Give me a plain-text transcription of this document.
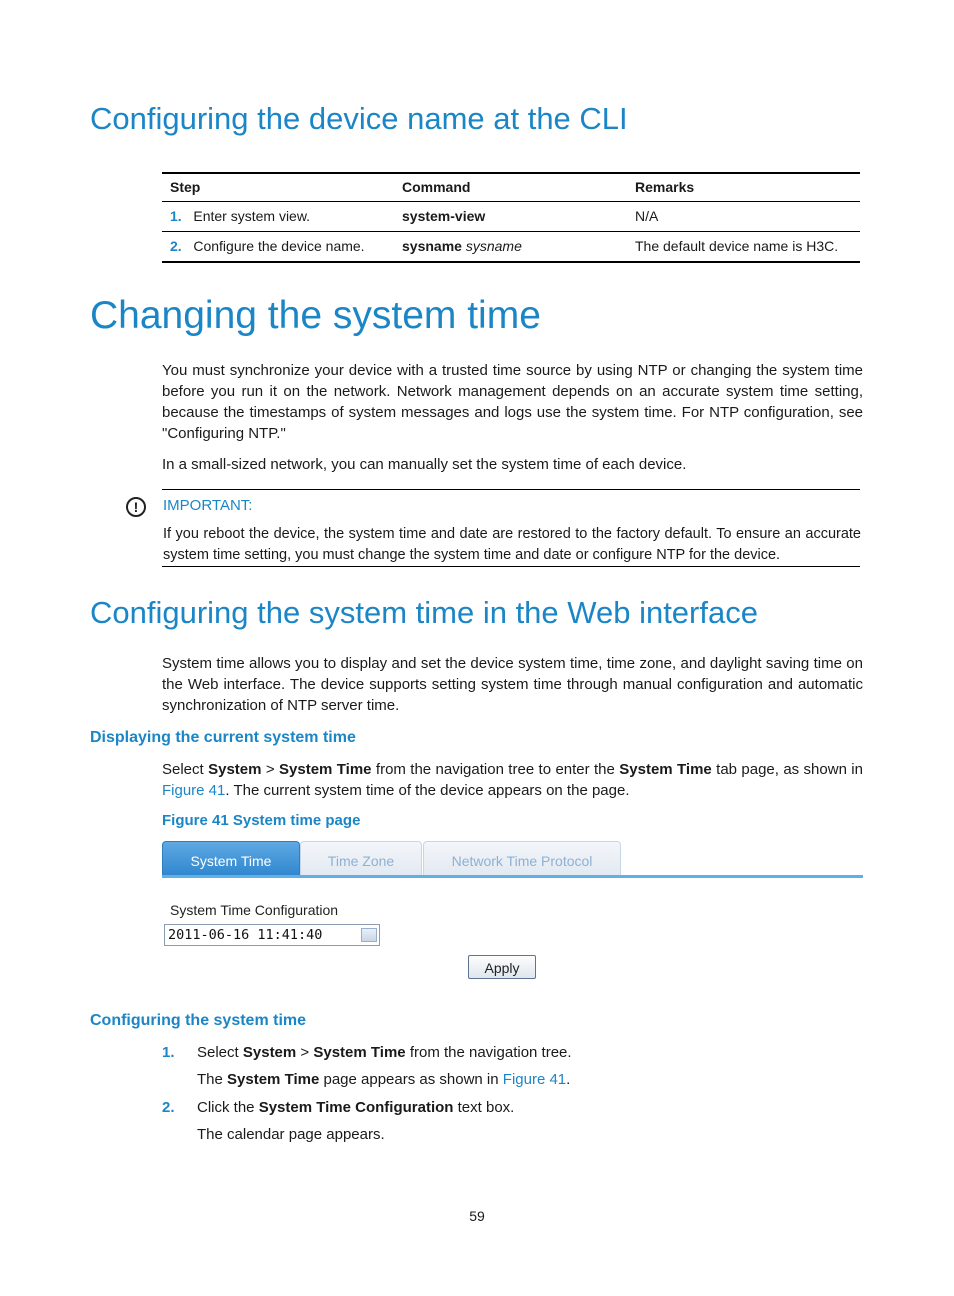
Configuring the device name at the CLI
Step	Command	Remarks
1. Enter system view.	system-view	N/A
2. Configure the device name.	sysname sysname	The default device name is H3C.
Changing the system time

You must synchronize your device with a trusted time source by using NTP or changing the system time before you run it on the network. Network management depends on an accurate system time setting, because the timestamps of system messages and logs use the system time. For NTP configuration, see "Configuring NTP."

In a small-sized network, you can manually set the system time of each device.

!	IMPORTANT:

If you reboot the device, the system time and date are restored to the factory default. To ensure an accurate system time setting, you must change the system time and date or configure NTP for the device.

Configuring the system time in the Web interface

System time allows you to display and set the device system time, time zone, and daylight saving time on the Web interface. The device supports setting system time through manual configuration and automatic synchronization of NTP server time.

Displaying the current system time

Select System > System Time from the navigation tree to enter the System Time tab page, as shown in Figure 41. The current system time of the device appears on the page.

Figure 41 System time page
System Time	Time Zone	Network Time Protocol
System Time Configuration
2011-06-16 11:41:40
Apply
Configuring the system time
1. Select System > System Time from the navigation tree.
The System Time page appears as shown in Figure 41.
2. Click the System Time Configuration text box.
The calendar page appears.
59
